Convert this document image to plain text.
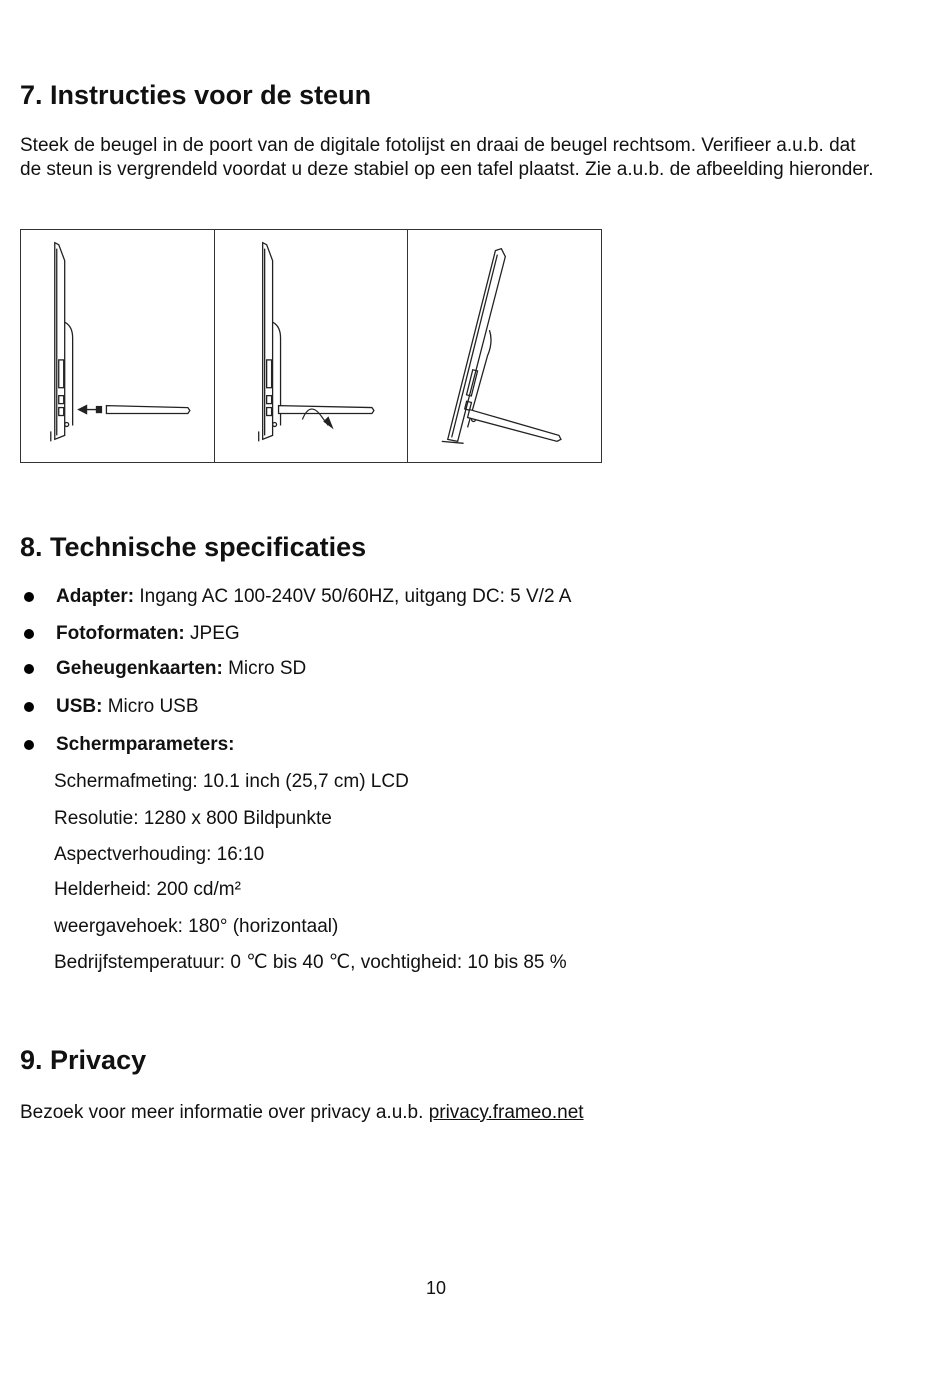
7. Instructies voor de steun

Steek de beugel in de poort van de digitale fotolijst en draai de beugel rechtsom. Verifieer a.u.b. dat de steun is vergrendeld voordat u deze stabiel op een tafel plaatst. Zie a.u.b. de afbeelding hieronder.

8. Technische specificaties
Adapter: Ingang AC 100-240V 50/60HZ, uitgang DC: 5 V/2 A
Fotoformaten: JPEG
Geheugenkaarten: Micro SD
USB: Micro USB
Schermparameters:
Schermafmeting: 10.1 inch (25,7 cm) LCD
Resolutie: 1280 x 800 Bildpunkte
Aspectverhouding: 16:10
Helderheid: 200 cd/m²
weergavehoek: 180° (horizontaal)
Bedrijfstemperatuur: 0 ℃ bis 40 ℃, vochtigheid: 10 bis 85 %
9. Privacy

Bezoek voor meer informatie over privacy a.u.b. privacy.frameo.net

10
